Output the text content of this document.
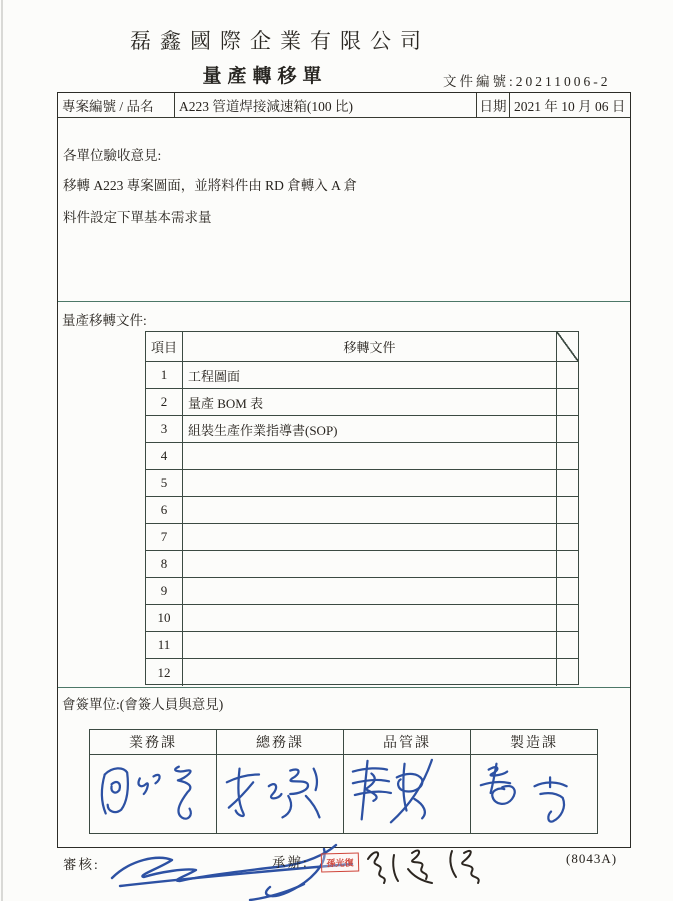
磊鑫國際企業有限公司
量產轉移單	文件編號:20211006-2
專案編號 / 品名	A223 管道焊接減速箱(100 比)	日期 2021 年 10 月 06 日
各單位驗收意見:
移轉 A223 專案圖面，並將料件由 RD 倉轉入 A 倉
料件設定下單基本需求量
量產移轉文件:
項目	移轉文件
1	工程圖面
2	量產 BOM 表
3	組裝生產作業指導書(SOP)
4
5
6
7
8
9
10
11
12
會簽單位:(會簽人員與意見)
業務課	總務課	品管課	製造課
審核:	承辦:	孫光復	(8043A)
